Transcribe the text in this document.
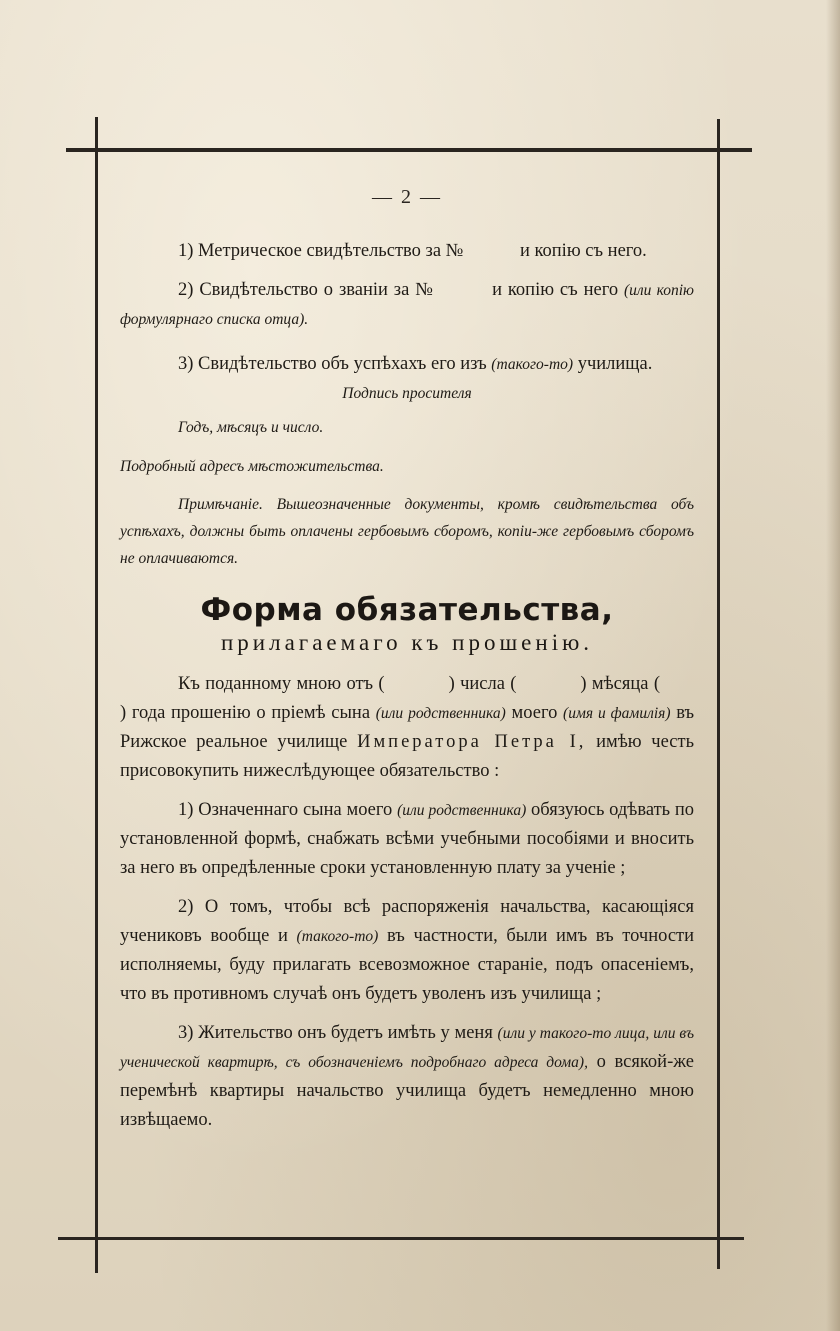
— 2 —

1) Метрическое свидѣтельство за №	и копію съ него.

2) Свидѣтельство о званіи за №	и копію съ него (или копію формулярнаго списка отца).

3) Свидѣтельство объ успѣхахъ его изъ (такого-то) училища.

Подпись просителя

Годъ, мѣсяцъ и число.

Подробный адресъ мѣстожительства.

Примѣчаніе. Вышеозначенные документы, кромѣ свидѣтельства объ успѣхахъ, должны быть оплачены гербовымъ сборомъ, копіи-же гербовымъ сборомъ не оплачиваются.

Форма обязательства,
прилагаемаго къ прошенію.

Къ поданному мною отъ (	) числа (	) мѣсяца () года прошенію о пріемѣ сына (или родственника) моего (имя и фамилія) въ Рижское реальное училище Императора Петра I, имѣю честь присовокупить нижеслѣдующее обязательство :

1) Означеннаго сына моего (или родственника) обязуюсь одѣвать по установленной формѣ, снабжать всѣми учебными пособіями и вносить за него въ опредѣленные сроки установленную плату за ученіе ;

2) О томъ, чтобы всѣ распоряженія начальства, касающіяся учениковъ вообще и (такого-то) въ частности, были имъ въ точности исполняемы, буду прилагать всевозможное стараніе, подъ опасеніемъ, что въ противномъ случаѣ онъ будетъ уволенъ изъ училища ;

3) Жительство онъ будетъ имѣть у меня (или у такого-то лица, или въ ученической квартирѣ, съ обозначеніемъ подробнаго адреса дома), о всякой-же перемѣнѣ квартиры начальство училища будетъ немедленно мною извѣщаемо.
